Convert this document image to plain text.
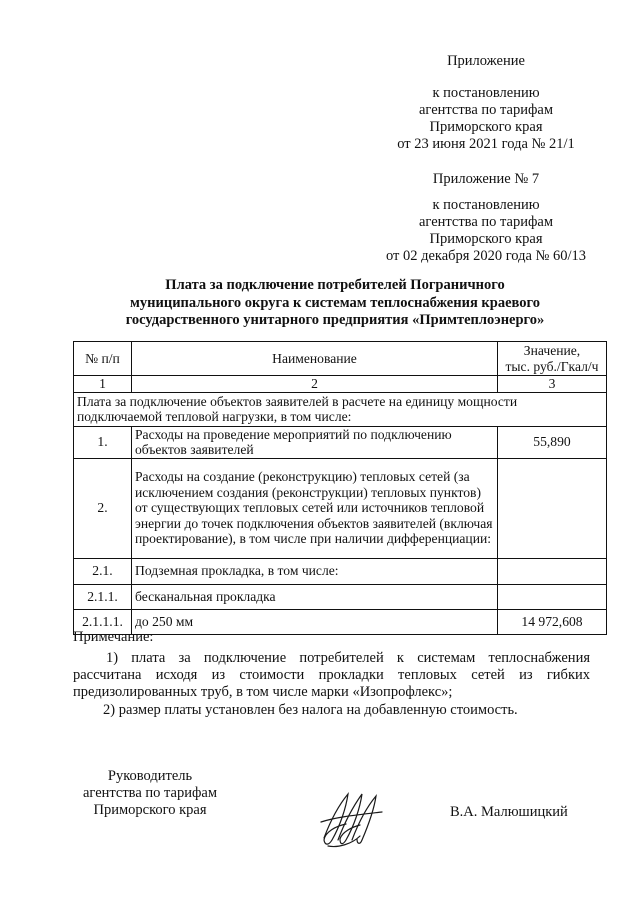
Приложение
к постановлению
агентства по тарифам
Приморского края
от 23 июня 2021 года № 21/1
Приложение № 7
к постановлению
агентства по тарифам
Приморского края
от 02 декабря 2020 года № 60/13
Плата за подключение потребителей Пограничного
муниципального округа к системам теплоснабжения краевого
государственного унитарного предприятия «Примтеплоэнерго»
№ п/п	Наименование	Значение,
тыс. руб./Гкал/ч

1	2	3
Плата за подключение объектов заявителей в расчете на единицу мощности подключаемой тепловой нагрузки, в том числе:		
1.	Расходы на проведение мероприятий по подключению объектов заявителей	55,890
2.	Расходы на создание (реконструкцию) тепловых сетей (за исключением создания (реконструкции) тепловых пунктов) от существующих тепловых сетей или источников тепловой энергии до точек подключения объектов заявителей (включая проектирование), в том числе при наличии дифференциации:	
2.1.	Подземная прокладка, в том числе:	
2.1.1.	бесканальная прокладка	
2.1.1.1.	до 250 мм	14 972,608
Примечание:
1) плата за подключение потребителей к системам теплоснабжения рассчитана исходя из стоимости прокладки тепловых сетей из гибких предизолированных труб, в том числе марки «Изопрофлекс»;
2) размер платы установлен без налога на добавленную стоимость.
Руководитель
агентства по тарифам
Приморского края	В.А. Малюшицкий
